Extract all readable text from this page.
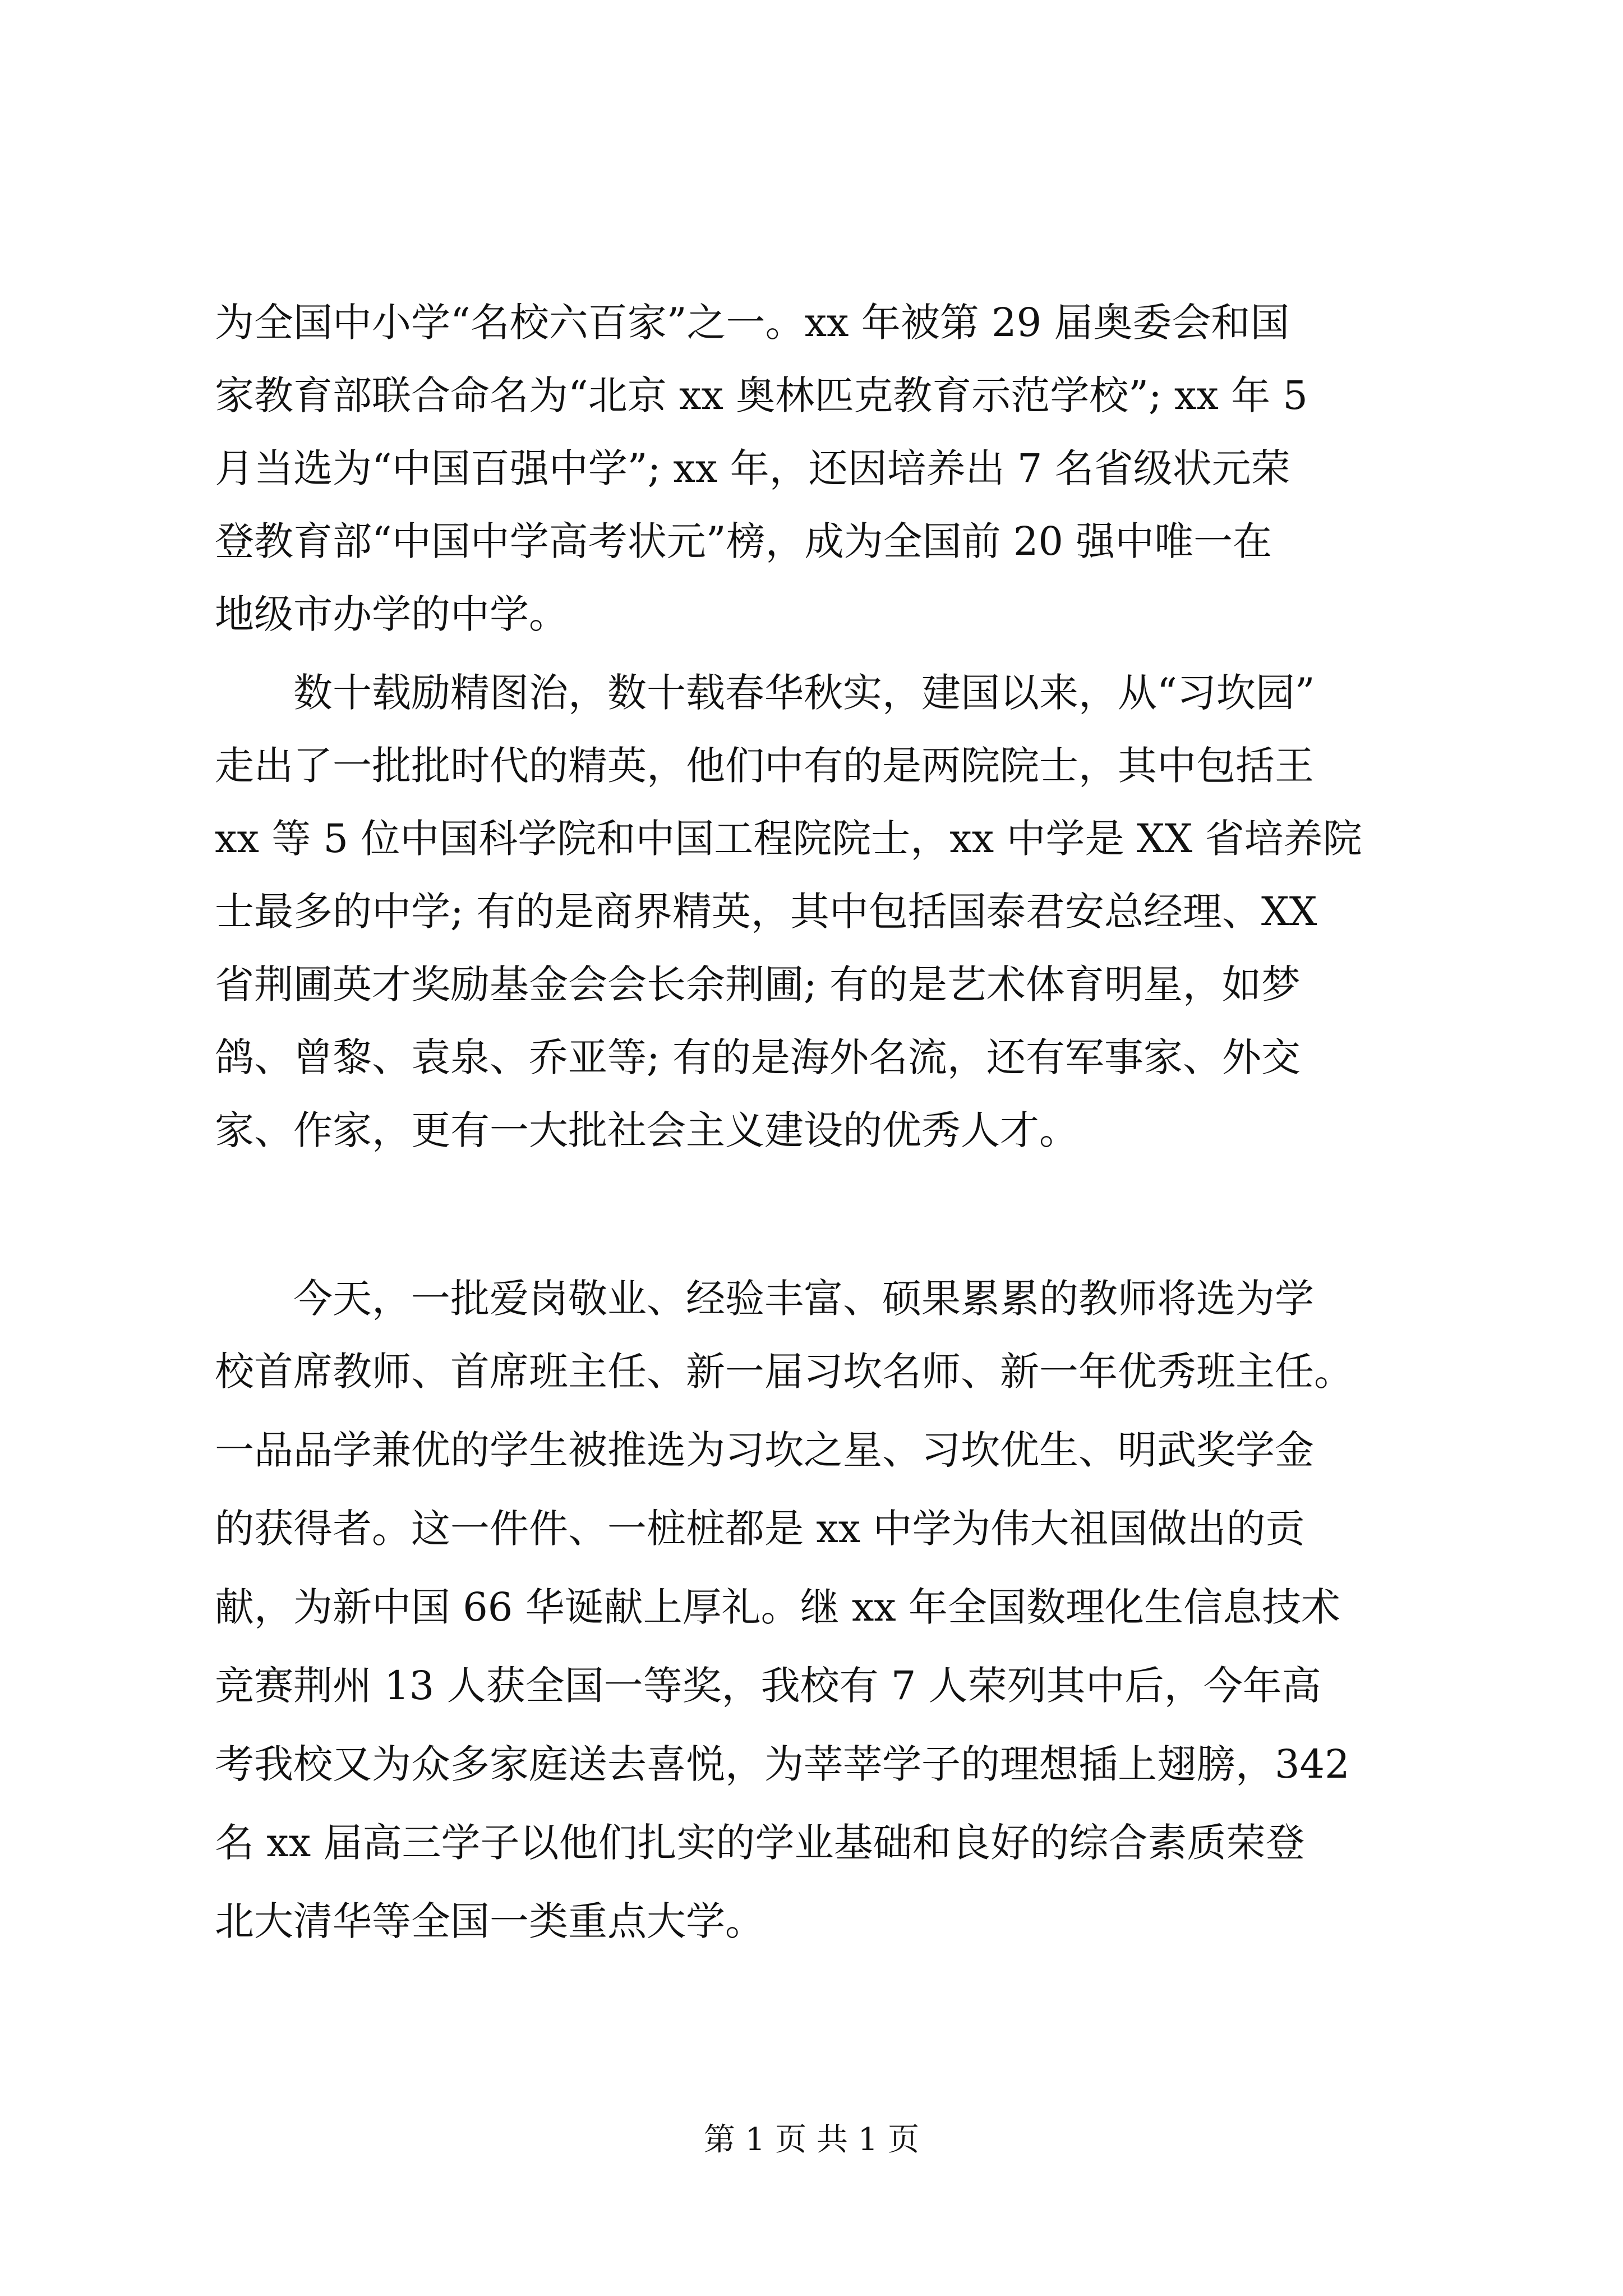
为全国中小学“名校六百家”之一。xx 年被第 29 届奥委会和国
家教育部联合命名为“北京 xx 奥林匹克教育示范学校”; xx 年 5
月当选为“中国百强中学”; xx 年，还因培养出 7 名省级状元荣
登教育部“中国中学高考状元”榜，成为全国前 20 强中唯一在
地级市办学的中学。
数十载励精图治，数十载春华秋实，建国以来，从“习坎园”
走出了一批批时代的精英，他们中有的是两院院士，其中包括王
xx 等 5 位中国科学院和中国工程院院士，xx 中学是 XX 省培养院
士最多的中学; 有的是商界精英，其中包括国泰君安总经理、XX
省荆圃英才奖励基金会会长余荆圃; 有的是艺术体育明星，如梦
鸽、曾黎、袁泉、乔亚等; 有的是海外名流，还有军事家、外交
家、作家，更有一大批社会主义建设的优秀人才。
今天，一批爱岗敬业、经验丰富、硕果累累的教师将选为学
校首席教师、首席班主任、新一届习坎名师、新一年优秀班主任。
一品品学兼优的学生被推选为习坎之星、习坎优生、明武奖学金
的获得者。这一件件、一桩桩都是 xx 中学为伟大祖国做出的贡
献，为新中国 66 华诞献上厚礼。继 xx 年全国数理化生信息技术
竞赛荆州 13 人获全国一等奖，我校有 7 人荣列其中后，今年高
考我校又为众多家庭送去喜悦，为莘莘学子的理想插上翅膀，342
名 xx 届高三学子以他们扎实的学业基础和良好的综合素质荣登
北大清华等全国一类重点大学。
第 1 页 共 1 页
